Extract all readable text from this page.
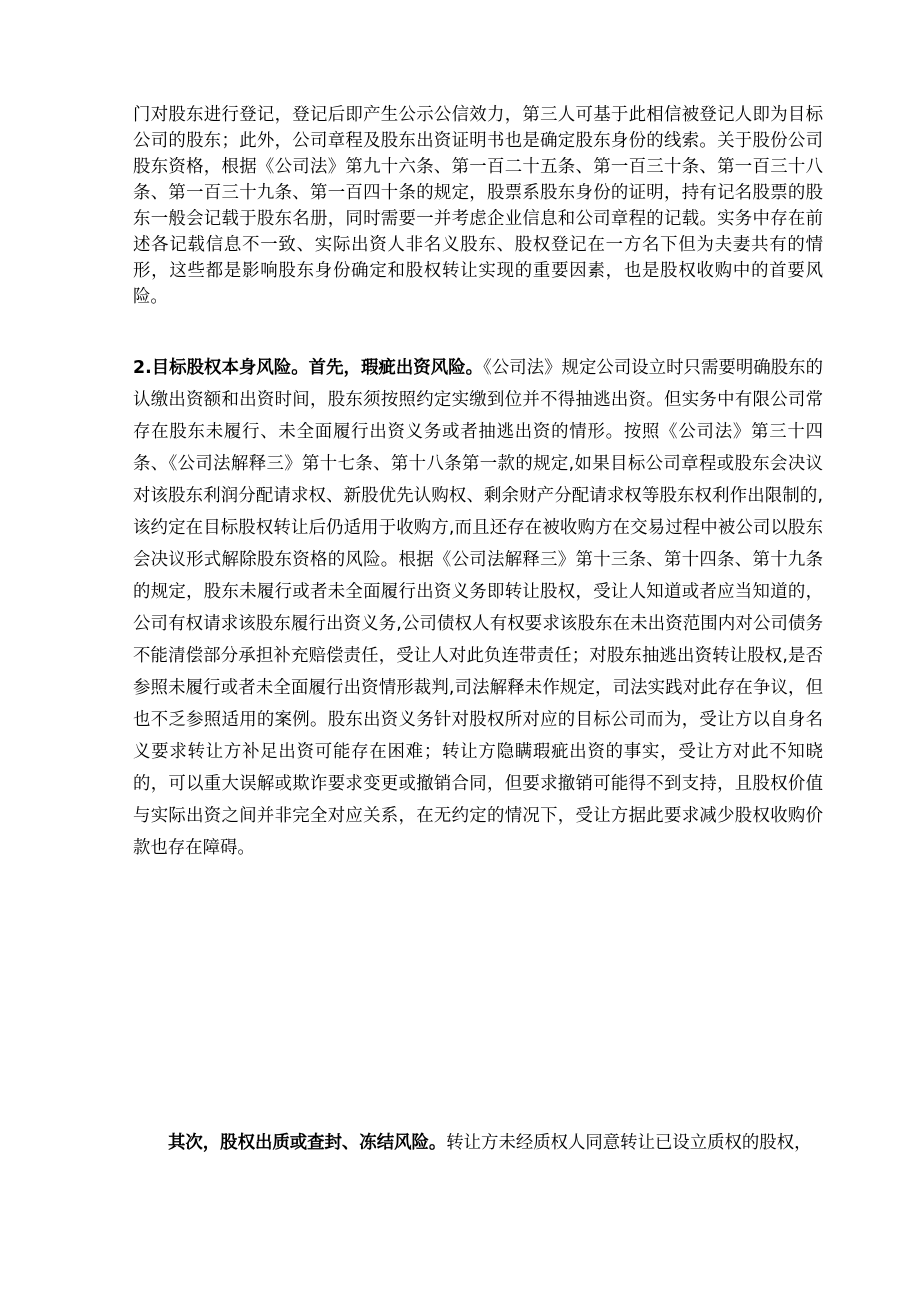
门对股东进行登记，登记后即产生公示公信效力，第三人可基于此相信被登记人即为目标公司的股东；此外，公司章程及股东出资证明书也是确定股东身份的线索。关于股份公司股东资格，根据《公司法》第九十六条、第一百二十五条、第一百三十条、第一百三十八条、第一百三十九条、第一百四十条的规定，股票系股东身份的证明，持有记名股票的股东一般会记载于股东名册，同时需要一并考虑企业信息和公司章程的记载。实务中存在前述各记载信息不一致、实际出资人非名义股东、股权登记在一方名下但为夫妻共有的情形，这些都是影响股东身份确定和股权转让实现的重要因素，也是股权收购中的首要风险。

2.目标股权本身风险。首先，瑕疵出资风险。《公司法》规定公司设立时只需要明确股东的认缴出资额和出资时间，股东须按照约定实缴到位并不得抽逃出资。但实务中有限公司常存在股东未履行、未全面履行出资义务或者抽逃出资的情形。按照《公司法》第三十四条、《公司法解释三》第十七条、第十八条第一款的规定,如果目标公司章程或股东会决议对该股东利润分配请求权、新股优先认购权、剩余财产分配请求权等股东权利作出限制的,该约定在目标股权转让后仍适用于收购方,而且还存在被收购方在交易过程中被公司以股东会决议形式解除股东资格的风险。根据《公司法解释三》第十三条、第十四条、第十九条的规定，股东未履行或者未全面履行出资义务即转让股权，受让人知道或者应当知道的，公司有权请求该股东履行出资义务,公司债权人有权要求该股东在未出资范围内对公司债务不能清偿部分承担补充赔偿责任，受让人对此负连带责任；对股东抽逃出资转让股权,是否参照未履行或者未全面履行出资情形裁判,司法解释未作规定，司法实践对此存在争议，但也不乏参照适用的案例。股东出资义务针对股权所对应的目标公司而为，受让方以自身名义要求转让方补足出资可能存在困难；转让方隐瞒瑕疵出资的事实，受让方对此不知晓的，可以重大误解或欺诈要求变更或撤销合同，但要求撤销可能得不到支持，且股权价值与实际出资之间并非完全对应关系，在无约定的情况下，受让方据此要求减少股权收购价款也存在障碍。

其次，股权出质或查封、冻结风险。转让方未经质权人同意转让已设立质权的股权，
